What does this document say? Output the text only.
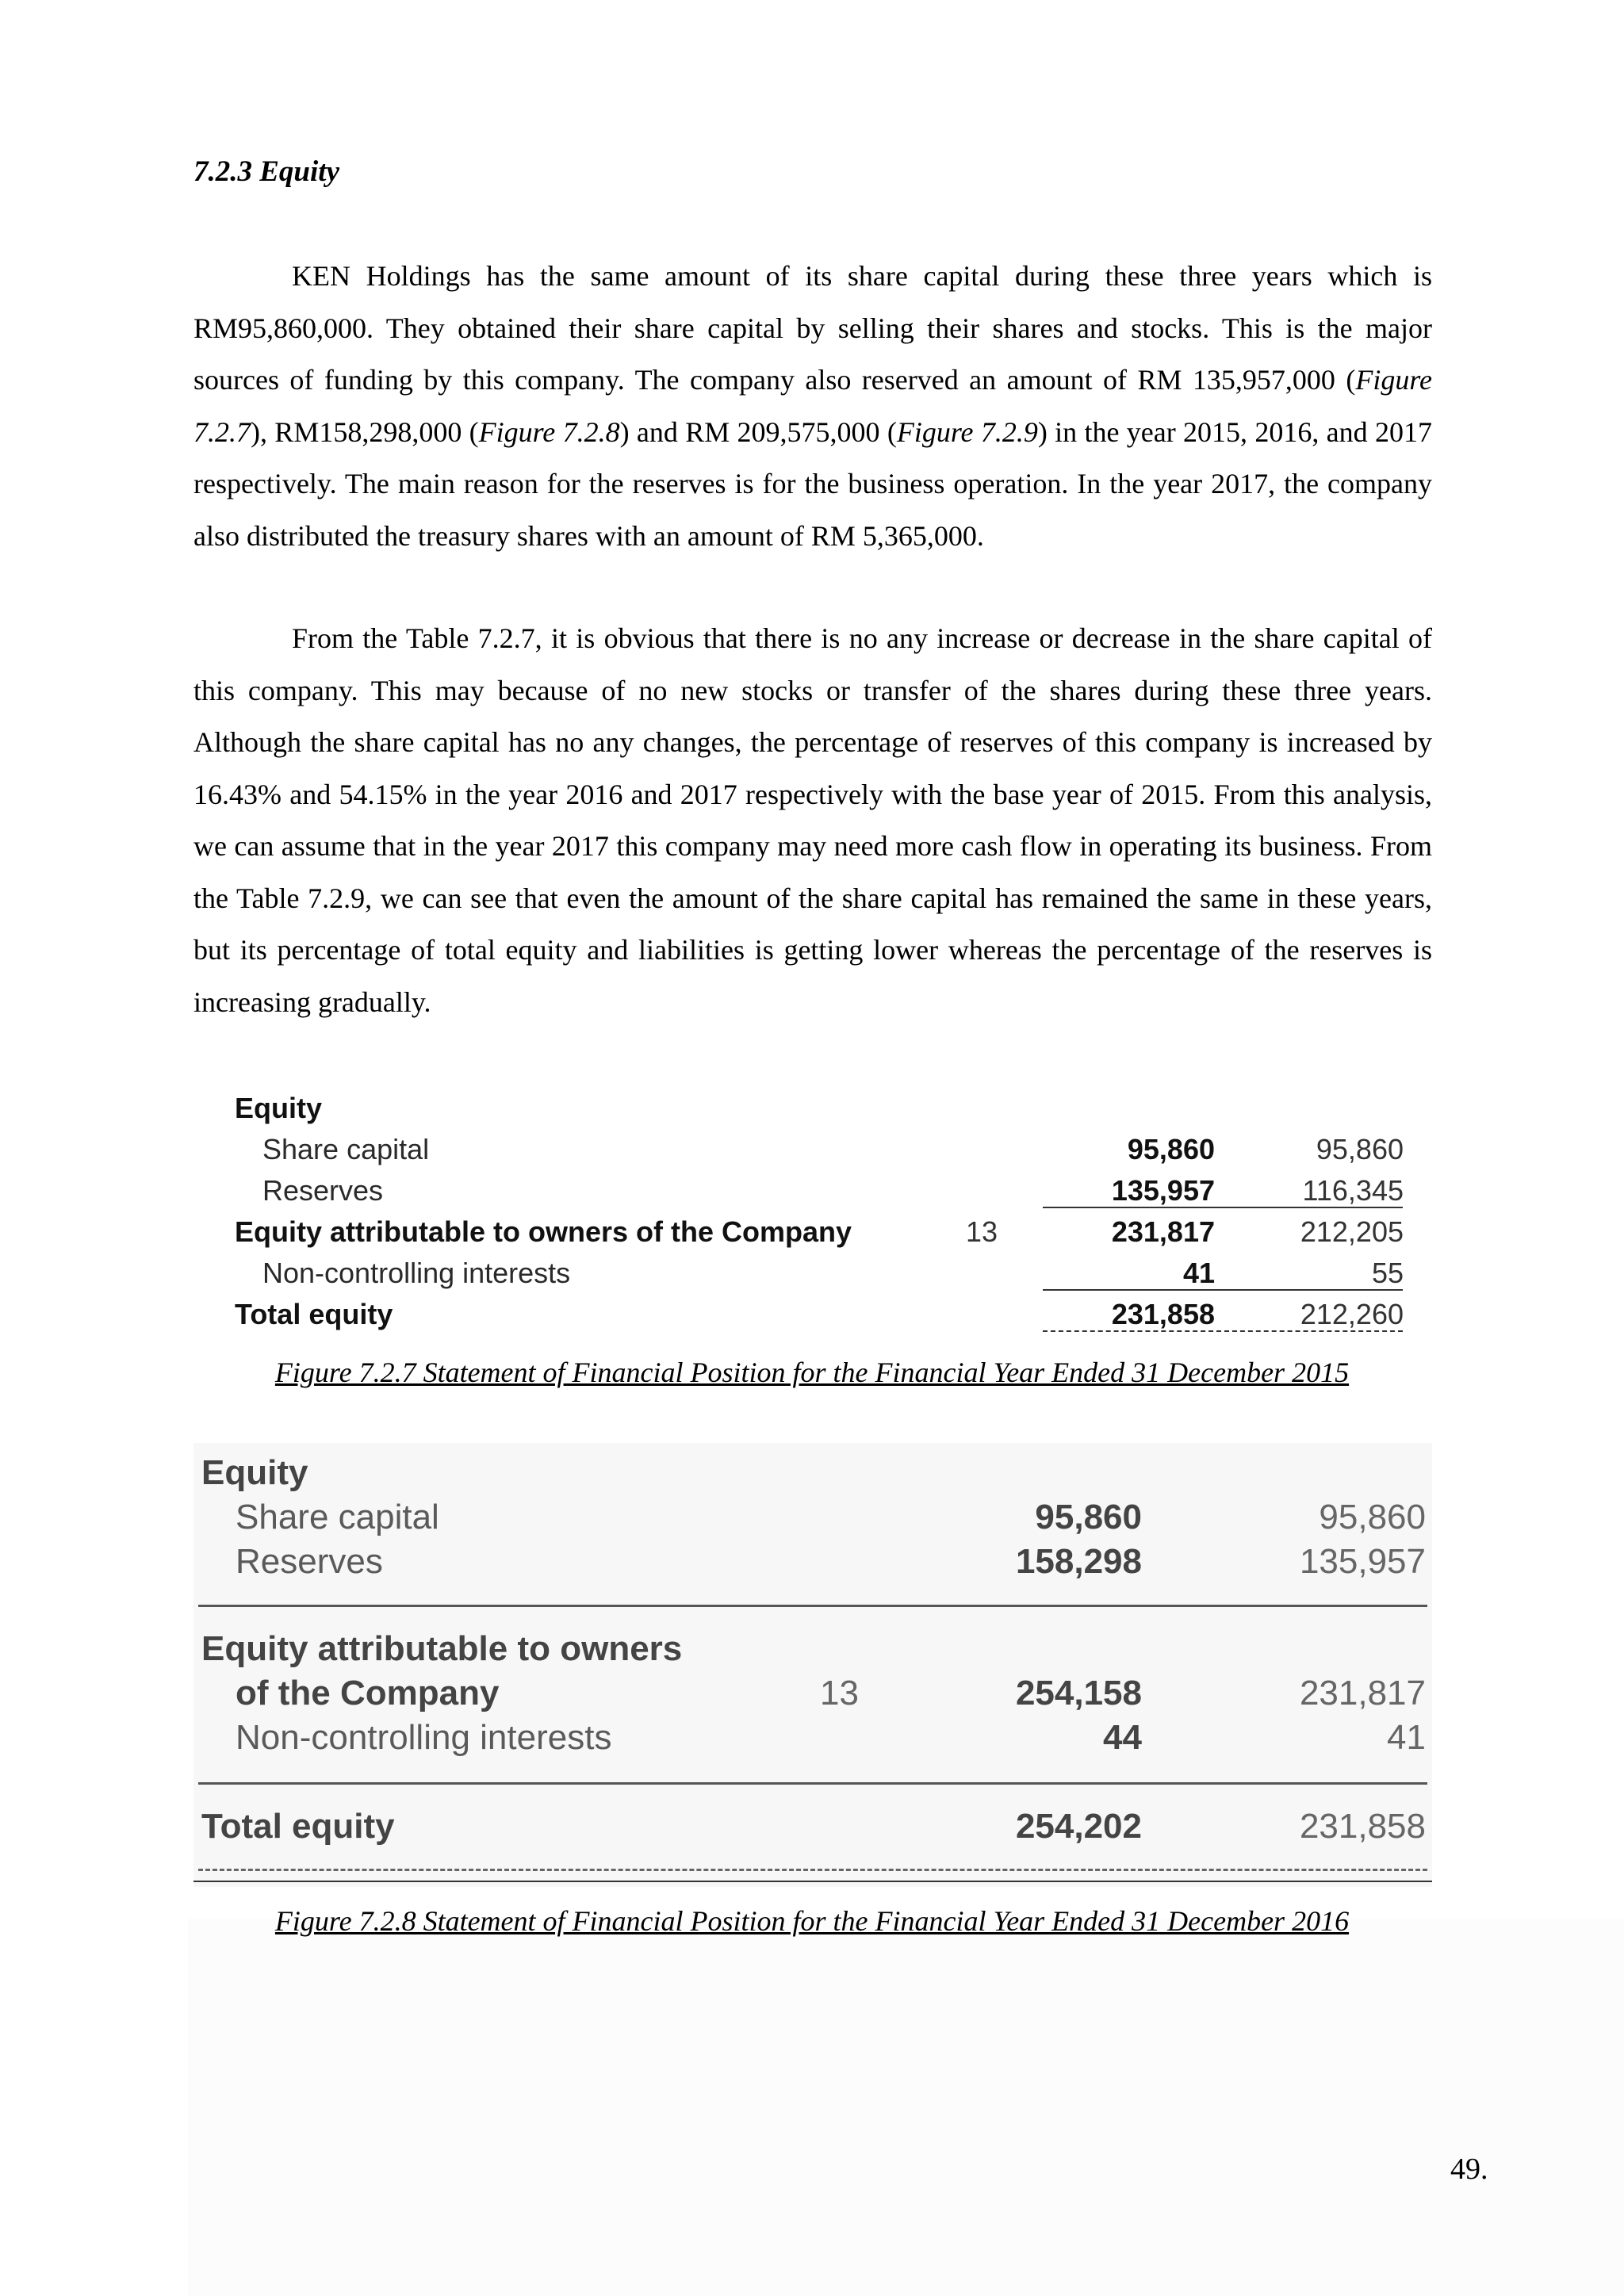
7.2.3 Equity

KEN Holdings has the same amount of its share capital during these three years which is RM95,860,000. They obtained their share capital by selling their shares and stocks. This is the major sources of funding by this company. The company also reserved an amount of RM 135,957,000 (Figure 7.2.7), RM158,298,000 (Figure 7.2.8) and RM 209,575,000 (Figure 7.2.9) in the year 2015, 2016, and 2017 respectively. The main reason for the reserves is for the business operation. In the year 2017, the company also distributed the treasury shares with an amount of RM 5,365,000.

From the Table 7.2.7, it is obvious that there is no any increase or decrease in the share capital of this company. This may because of no new stocks or transfer of the shares during these three years. Although the share capital has no any changes, the percentage of reserves of this company is increased by 16.43% and 54.15% in the year 2016 and 2017 respectively with the base year of 2015. From this analysis, we can assume that in the year 2017 this company may need more cash flow in operating its business. From the Table 7.2.9, we can see that even the amount of the share capital has remained the same in these years, but its percentage of total equity and liabilities is getting lower whereas the percentage of the reserves is increasing gradually.

Equity
Share capital	95,860	95,860
Reserves	135,957	116,345
Equity attributable to owners of the Company	13	231,817	212,205
Non-controlling interests	41	55
Total equity	231,858	212,260
Figure 7.2.7 Statement of Financial Position for the Financial Year Ended 31 December 2015
Equity
Share capital	95,860	95,860
Reserves	158,298	135,957
Equity attributable to owners
of the Company	13	254,158	231,817
Non-controlling interests	44	41
Total equity	254,202	231,858
Figure 7.2.8 Statement of Financial Position for the Financial Year Ended 31 December 2016
49.
